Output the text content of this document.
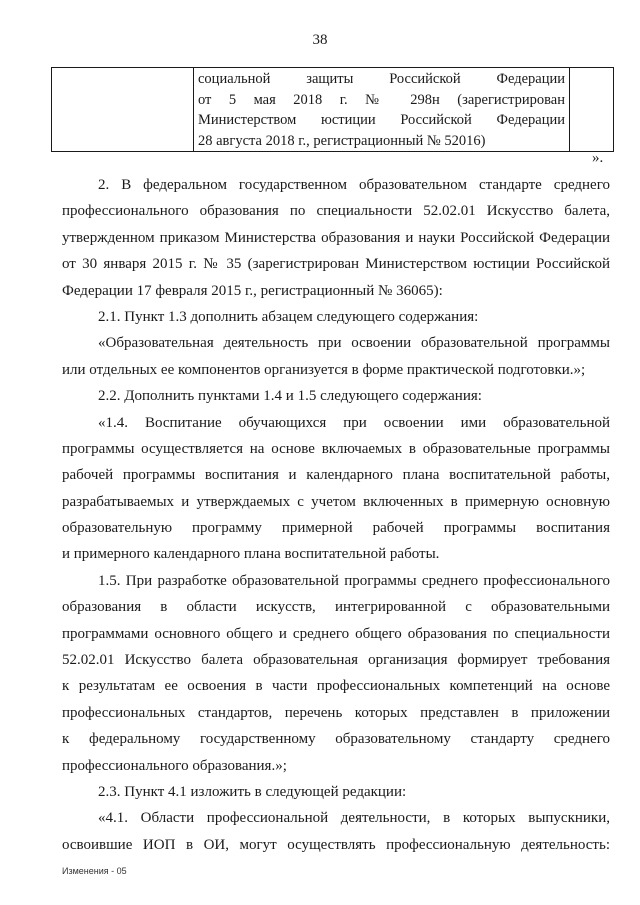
38

социальной защиты Российской Федерации
от 5 мая 2018 г. № 298н (зарегистрирован
Министерством юстиции Российской Федерации
28 августа 2018 г., регистрационный № 52016)

».
2. В федеральном государственном образовательном стандарте среднего
профессионального образования по специальности 52.02.01 Искусство балета,
утвержденном приказом Министерства образования и науки Российской Федерации
от 30 января 2015 г. № 35 (зарегистрирован Министерством юстиции Российской
Федерации 17 февраля 2015 г., регистрационный № 36065):
2.1. Пункт 1.3 дополнить абзацем следующего содержания:
«Образовательная деятельность при освоении образовательной программы
или отдельных ее компонентов организуется в форме практической подготовки.»;
2.2. Дополнить пунктами 1.4 и 1.5 следующего содержания:
«1.4. Воспитание обучающихся при освоении ими образовательной
программы осуществляется на основе включаемых в образовательные программы
рабочей программы воспитания и календарного плана воспитательной работы,
разрабатываемых и утверждаемых с учетом включенных в примерную основную
образовательную программу примерной рабочей программы воспитания
и примерного календарного плана воспитательной работы.
1.5. При разработке образовательной программы среднего профессионального
образования в области искусств, интегрированной с образовательными
программами основного общего и среднего общего образования по специальности
52.02.01 Искусство балета образовательная организация формирует требования
к результатам ее освоения в части профессиональных компетенций на основе
профессиональных стандартов, перечень которых представлен в приложении
к федеральному государственному образовательному стандарту среднего
профессионального образования.»;
2.3. Пункт 4.1 изложить в следующей редакции:
«4.1. Области профессиональной деятельности, в которых выпускники,
освоившие ИОП в ОИ, могут осуществлять профессиональную деятельность:
Изменения - 05
